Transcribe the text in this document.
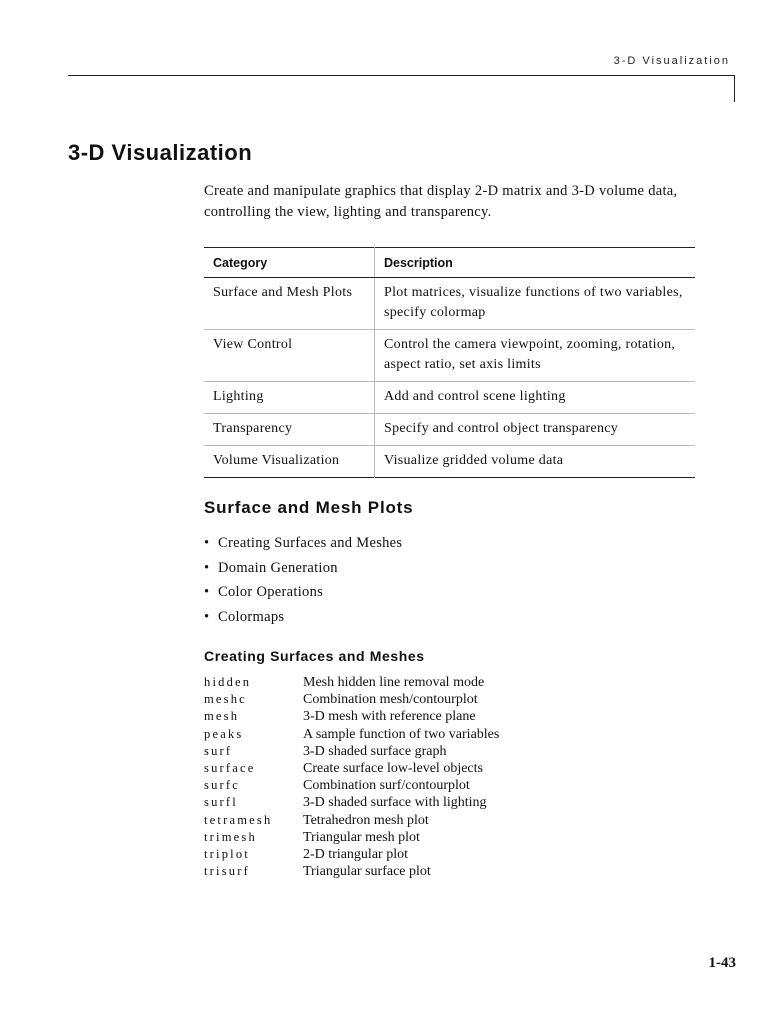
3-D Visualization
3-D Visualization

Create and manipulate graphics that display 2-D matrix and 3-D volume data, controlling the view, lighting and transparency.

Category	Description
Surface and Mesh Plots	Plot matrices, visualize functions of two variables, specify colormap
View Control	Control the camera viewpoint, zooming, rotation, aspect ratio, set axis limits
Lighting	Add and control scene lighting
Transparency	Specify and control object transparency
Volume Visualization	Visualize gridded volume data
Surface and Mesh Plots
• Creating Surfaces and Meshes
• Domain Generation
• Color Operations
• Colormaps
Creating Surfaces and Meshes
hidden	Mesh hidden line removal mode
meshc	Combination mesh/contourplot
mesh	3-D mesh with reference plane
peaks	A sample function of two variables
surf	3-D shaded surface graph
surface	Create surface low-level objects
surfc	Combination surf/contourplot
surfl	3-D shaded surface with lighting
tetramesh Tetrahedron mesh plot
trimesh	Triangular mesh plot
triplot	2-D triangular plot
trisurf	Triangular surface plot
1-43
